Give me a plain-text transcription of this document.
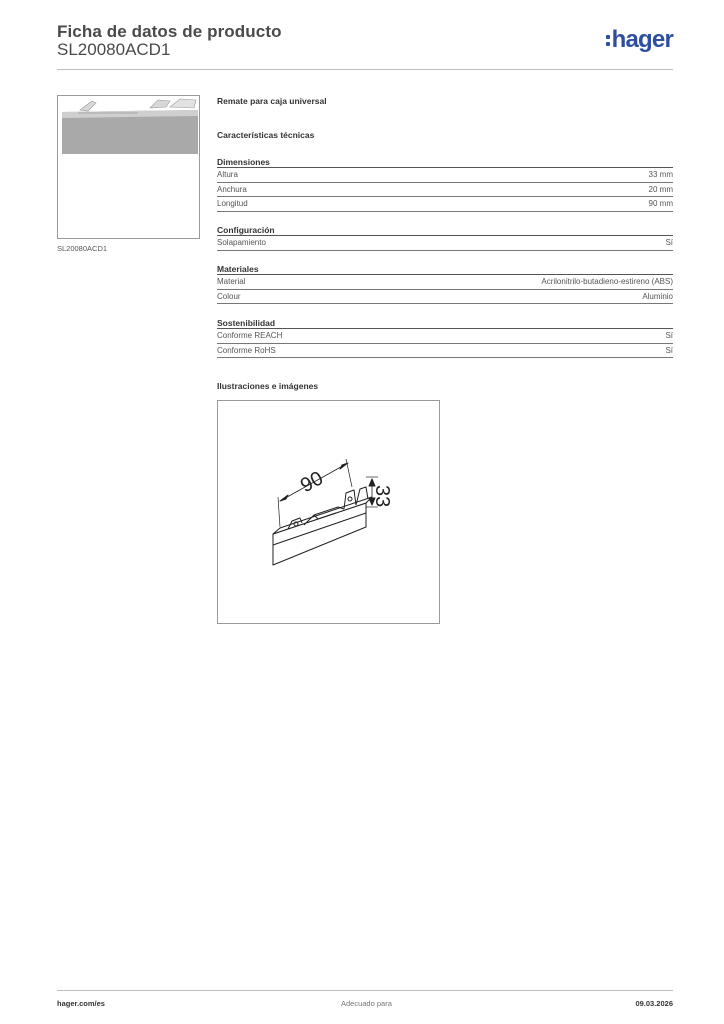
Ficha de datos de producto
SL20080ACD1	hager
SL20080ACD1
Remate para caja universal
Características técnicas
Dimensiones
Altura	33 mm
Anchura	20 mm
Longitud	90 mm
Configuración
Solapamiento	Sí
Materiales
Material	Acrilonitrilo-butadieno-estireno (ABS)
Colour	Aluminio
Sostenibilidad
Conforme REACH	Sí
Conforme RoHS	Sí
Ilustraciones e imágenes
90 33
hager.com/es	Adecuado para	09.03.2026
